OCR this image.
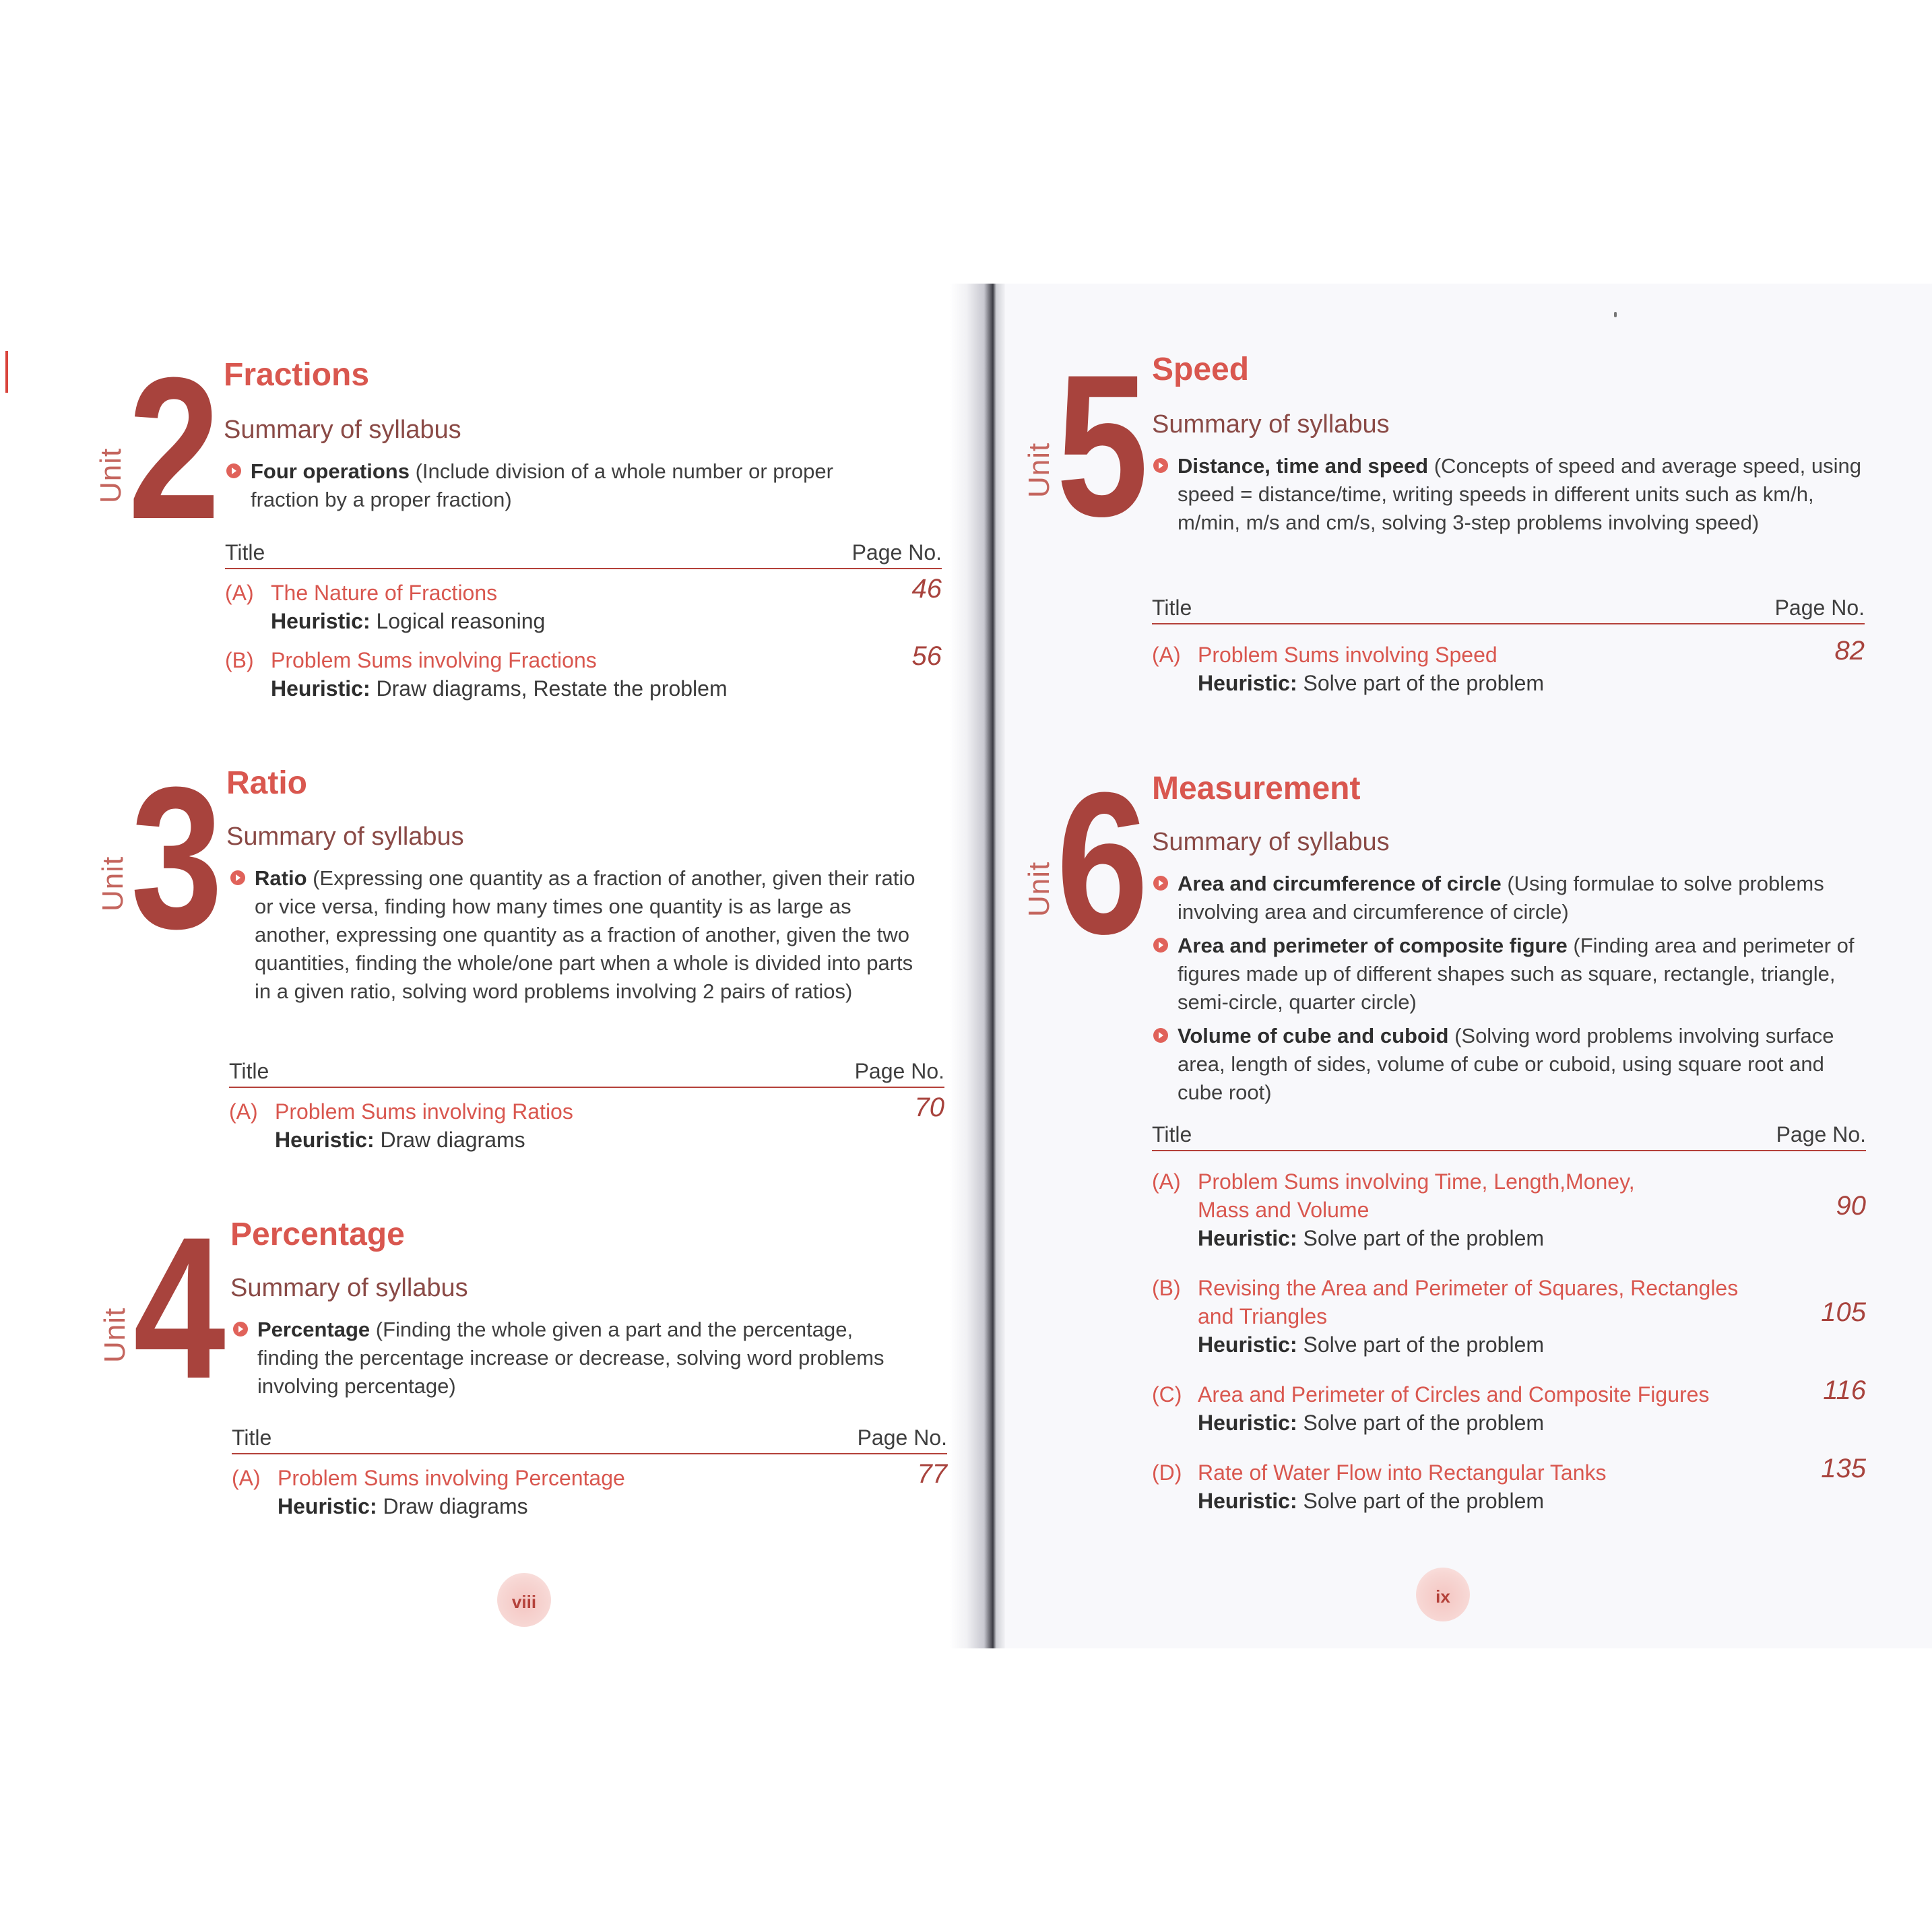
Unit 2 Fractions
Summary of syllabus
Four operations (Include division of a whole number or proper fraction by a proper fraction)
Title	Page No.
(A) The Nature of Fractions
Heuristic: Logical reasoning
46
(B) Problem Sums involving Fractions
Heuristic: Draw diagrams, Restate the problem
56
Unit 3 Ratio
Summary of syllabus
Ratio (Expressing one quantity as a fraction of another, given their ratio or vice versa, finding how many times one quantity is as large as another, expressing one quantity as a fraction of another, given the two quantities, finding the whole/one part when a whole is divided into parts in a given ratio, solving word problems involving 2 pairs of ratios)
Title	Page No.
(A) Problem Sums involving Ratios
Heuristic: Draw diagrams
70
Unit 4 Percentage
Summary of syllabus
Percentage (Finding the whole given a part and the percentage, finding the percentage increase or decrease, solving word problems involving percentage)
Title	Page No.
(A) Problem Sums involving Percentage
Heuristic: Draw diagrams
77
viii
Unit 5 Speed
Summary of syllabus
Distance, time and speed (Concepts of speed and average speed, using speed = distance/time, writing speeds in different units such as km/h, m/min, m/s and cm/s, solving 3-step problems involving speed)
Title	Page No.
(A) Problem Sums involving Speed
Heuristic: Solve part of the problem
82
Unit 6 Measurement
Summary of syllabus
Area and circumference of circle (Using formulae to solve problems involving area and circumference of circle)
Area and perimeter of composite figure (Finding area and perimeter of figures made up of different shapes such as square, rectangle, triangle, semi-circle, quarter circle)
Volume of cube and cuboid (Solving word problems involving surface area, length of sides, volume of cube or cuboid, using square root and cube root)
Title	Page No.
(A) Problem Sums involving Time, Length,Money, Mass and Volume
Heuristic: Solve part of the problem
90
(B) Revising the Area and Perimeter of Squares, Rectangles and Triangles
Heuristic: Solve part of the problem
105
(C) Area and Perimeter of Circles and Composite Figures
Heuristic: Solve part of the problem
116
(D) Rate of Water Flow into Rectangular Tanks
Heuristic: Solve part of the problem
135
ix
